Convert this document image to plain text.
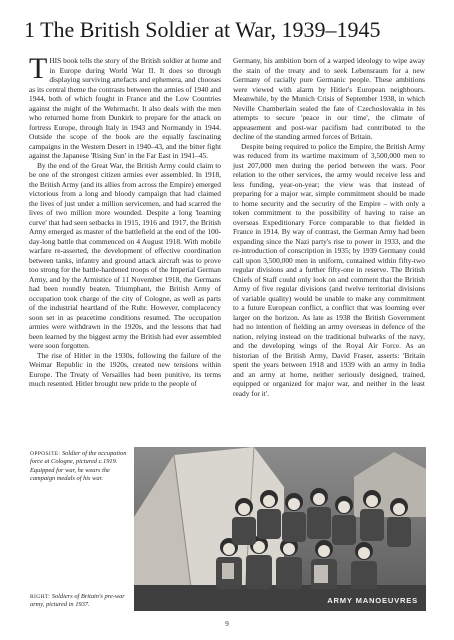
1 The British Soldier at War, 1939–1945

THIS book tells the story of the British soldier at home and in Europe during World War II. It does so through displaying surviving artefacts and ephemera, and chooses as its central theme the contrasts between the armies of 1940 and 1944, both of which fought in France and the Low Countries against the might of the Wehrmacht. It also deals with the men who returned home from Dunkirk to prepare for the attack on fortress Europe, through Italy in 1943 and Normandy in 1944. Outside the scope of the book are the equally fascinating campaigns in the Western Desert in 1940–43, and the bitter fight against the Japanese 'Rising Sun' in the Far East in 1941–45.

By the end of the Great War, the British Army could claim to be one of the strongest citizen armies ever assembled. In 1918, the British Army (and its allies from across the Empire) emerged victorious from a long and bloody campaign that had claimed the lives of just under a million servicemen, and had scarred the lives of two million more wounded. Despite a long 'learning curve' that had seen setbacks in 1915, 1916 and 1917, the British Army emerged as master of the battlefield at the end of the 100-day-long battle that commenced on 4 August 1918. With mobile warfare re-asserted, the development of effective coordination between tanks, infantry and ground attack aircraft was to prove too strong for the battle-hardened troops of the Imperial German Army, and by the Armistice of 11 November 1918, the Germans had been roundly beaten. Triumphant, the British Army of occupation took charge of the city of Cologne, as well as parts of the industrial heartland of the Ruhr. However, complacency soon set in as peacetime conditions resumed. The occupation armies were withdrawn in the 1920s, and the lessons that had been learned by the biggest army the British had ever assembled were soon forgotten.

The rise of Hitler in the 1930s, following the failure of the Weimar Republic in the 1920s, created new tensions within Europe. The Treaty of Versailles had been punitive, its terms much resented. Hitler brought new pride to the people of

Germany, his ambition born of a warped ideology to wipe away the stain of the treaty and to seek Lebensraum for a new Germany of racially pure Germanic people. These ambitions were viewed with alarm by Hitler's European neighbours. Meanwhile, by the Munich Crisis of September 1938, in which Neville Chamberlain sealed the fate of Czechoslovakia in his attempts to secure 'peace in our time', the climate of appeasement and post-war pacifism had contributed to the decline of the standing armed forces of Britain.

Despite being required to police the Empire, the British Army was reduced from its wartime maximum of 3,500,000 men to just 207,000 men during the period between the wars. Poor relation to the other services, the army would receive less and less funding, year-on-year; the view was that instead of preparing for a major war, simple commitment should be made to home security and the security of the Empire – with only a token commitment to the possibility of having to raise an overseas Expeditionary Force comparable to that fielded in France in 1914. By way of contrast, the German Army had been expanding since the Nazi party's rise to power in 1933, and the re-introduction of conscription in 1935; by 1939 Germany could call upon 3,500,000 men in uniform, contained within fifty-two regular divisions and a further fifty-one in reserve. The British Chiefs of Staff could only look on and comment that the British Army of five regular divisions (and twelve territorial divisions of variable quality) would be unable to make any commitment to a future European conflict, a conflict that was looming ever larger on the horizon. As late as 1938 the British Government had no intention of fielding an army overseas in defence of the nation, relying instead on the traditional bulwarks of the navy, and the developing wings of the Royal Air Force. As an historian of the British Army, David Fraser, asserts: 'Britain spent the years between 1918 and 1939 with an army in India and an army at home, neither seriously designed, trained, equipped or organized for major war, and neither in the least ready for it'.

OPPOSITE: Soldier of the occupation force at Cologne, pictured c.1919. Equipped for war, he wears the campaign medals of his war.
ARMY MANOEUVRES
RIGHT: Soldiers of Britain's pre-war army, pictured in 1937.
9
